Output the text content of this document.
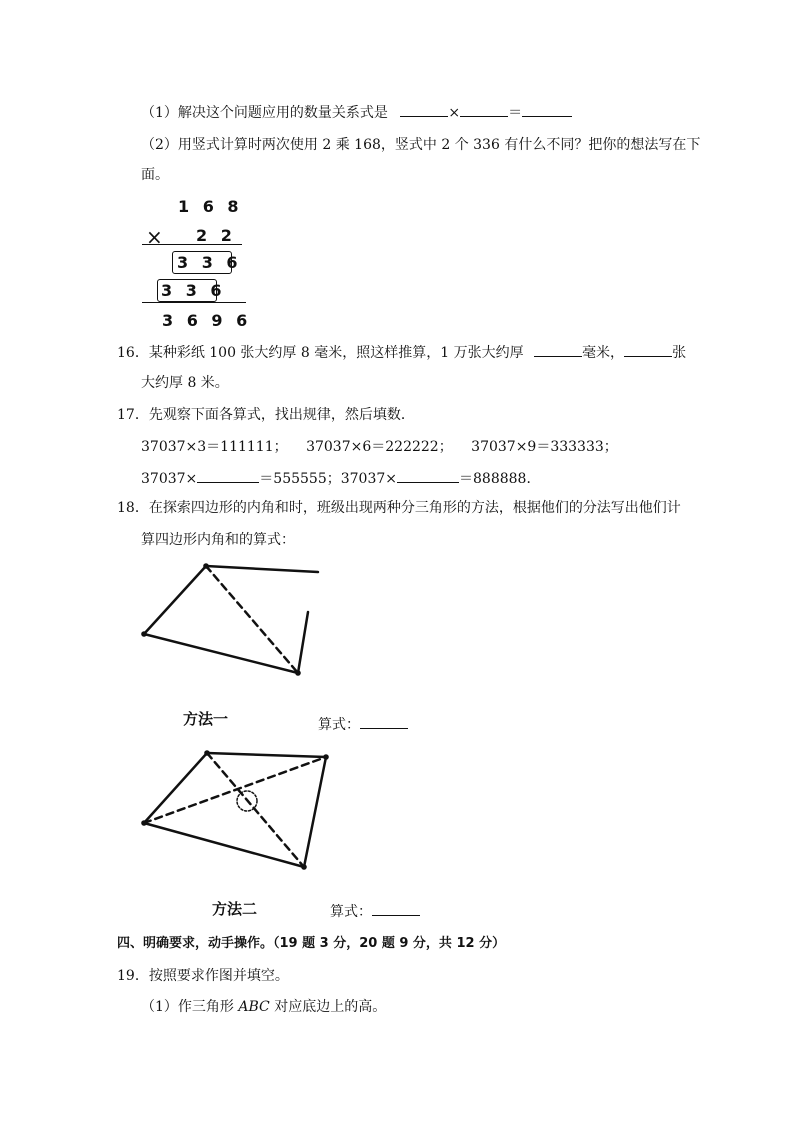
（1）解决这个问题应用的数量关系式是	×	＝
（2）用竖式计算时两次使用 2 乘 168，竖式中 2 个 336 有什么不同？把你的想法写在下
面。
1 6 8
× 2 2
3 3 6
3 3 6
3 6 9 6
16．某种彩纸 100 张大约厚 8 毫米，照这样推算，1 万张大约厚	毫米，	张
大约厚 8 米。
17．先观察下面各算式，找出规律，然后填数．
37037×3＝111111； 37037×6＝222222； 37037×9＝333333；
37037×	＝555555；37037×	＝888888．
18．在探索四边形的内角和时，班级出现两种分三角形的方法，根据他们的分法写出他们计
算四边形内角和的算式：
方法一	算式：
方法二	算式：
四、明确要求，动手操作。（19 题 3 分，20 题 9 分，共 12 分）
19．按照要求作图并填空。
（1）作三角形 ABC 对应底边上的高。
